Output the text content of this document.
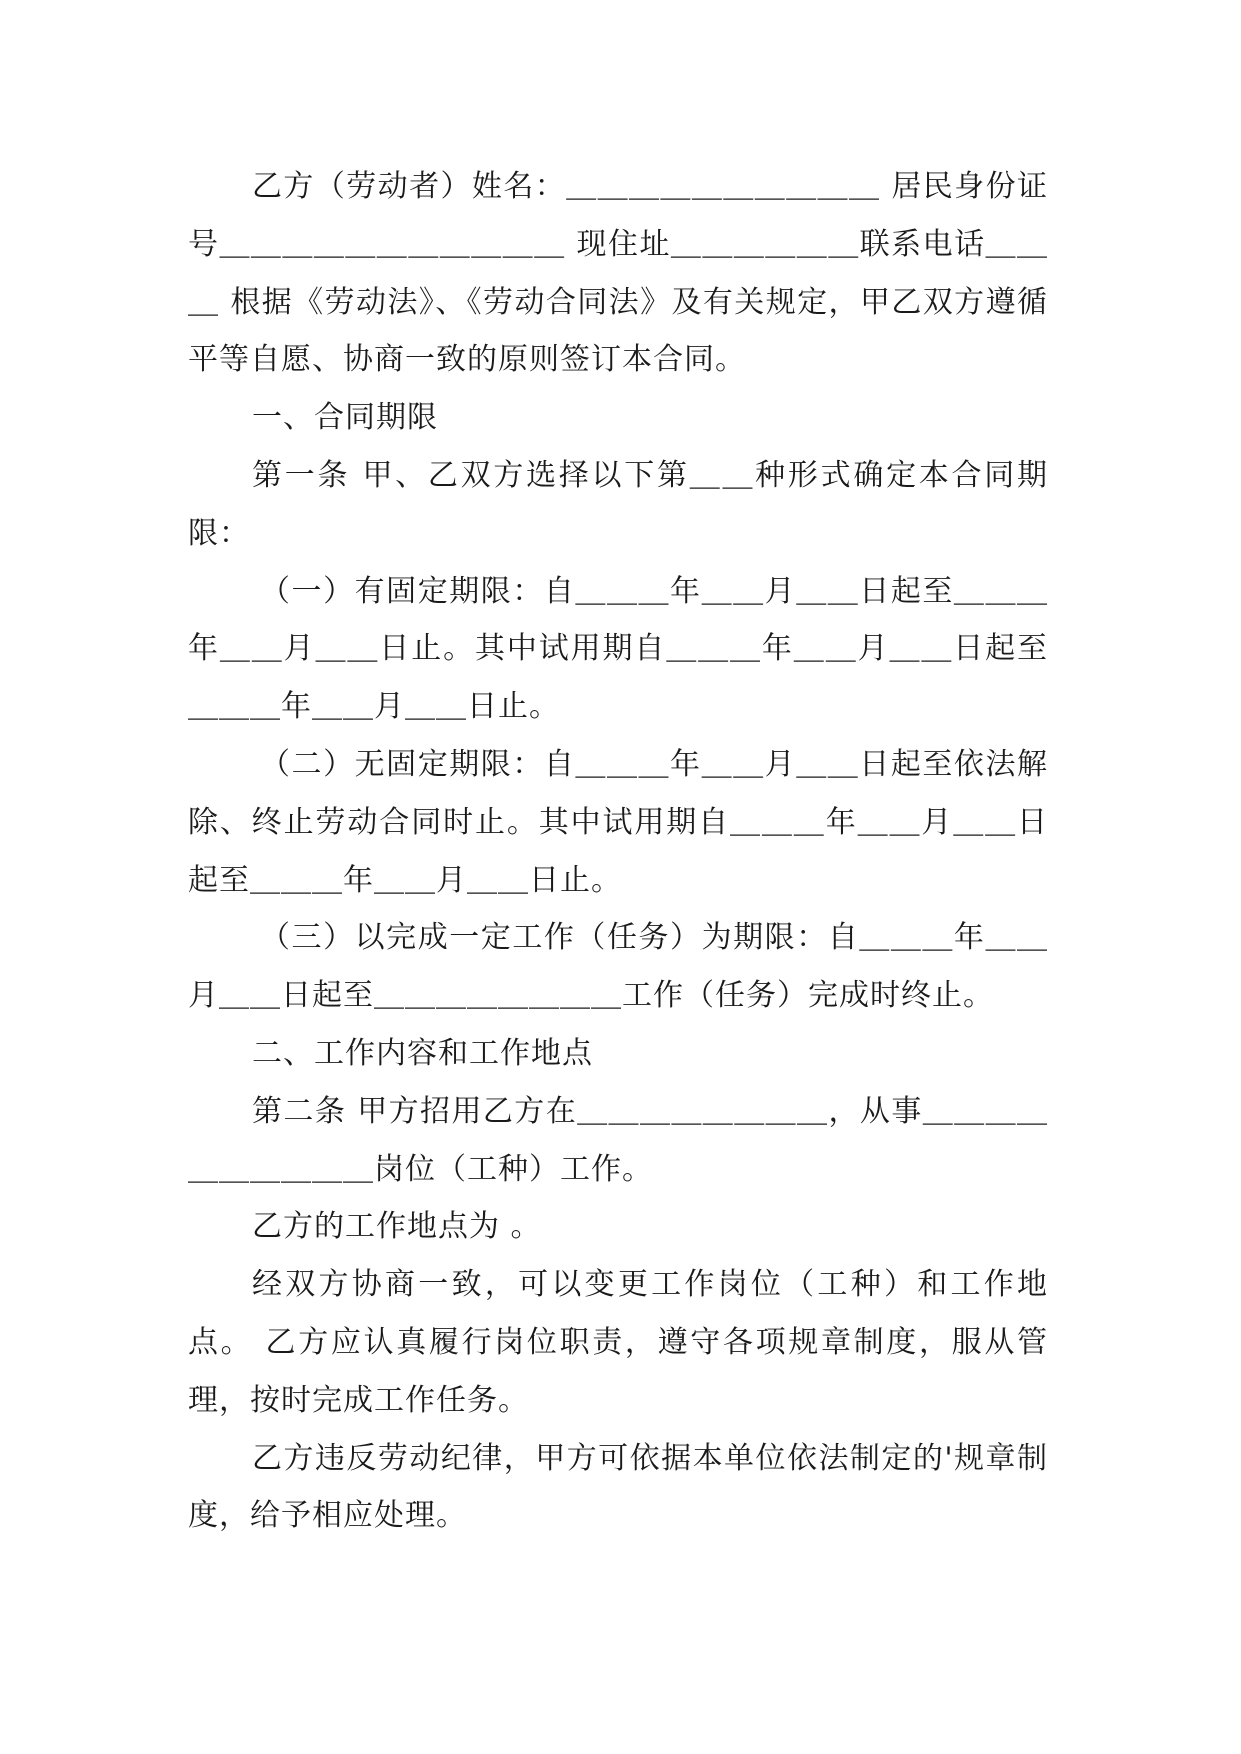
乙方（劳动者）姓名：＿＿＿＿＿＿＿＿＿＿ 居民身份证号＿＿＿＿＿＿＿＿＿＿＿ 现住址＿＿＿＿＿＿联系电话＿＿＿ 根据《劳动法》、《劳动合同法》及有关规定，甲乙双方遵循平等自愿、协商一致的原则签订本合同。

一、合同期限

第一条 甲、乙双方选择以下第＿＿种形式确定本合同期限：

（一）有固定期限：自＿＿＿年＿＿月＿＿日起至＿＿＿年＿＿月＿＿日止。其中试用期自＿＿＿年＿＿月＿＿日起至＿＿＿年＿＿月＿＿日止。

（二）无固定期限：自＿＿＿年＿＿月＿＿日起至依法解除、终止劳动合同时止。其中试用期自＿＿＿年＿＿月＿＿日起至＿＿＿年＿＿月＿＿日止。

（三）以完成一定工作（任务）为期限：自＿＿＿年＿＿月＿＿日起至＿＿＿＿＿＿＿＿工作（任务）完成时终止。

二、工作内容和工作地点

第二条 甲方招用乙方在＿＿＿＿＿＿＿＿，从事＿＿＿＿＿＿＿＿＿＿岗位（工种）工作。

乙方的工作地点为 。

经双方协商一致，可以变更工作岗位（工种）和工作地点。 乙方应认真履行岗位职责，遵守各项规章制度，服从管理，按时完成工作任务。

乙方违反劳动纪律，甲方可依据本单位依法制定的'规章制度，给予相应处理。
